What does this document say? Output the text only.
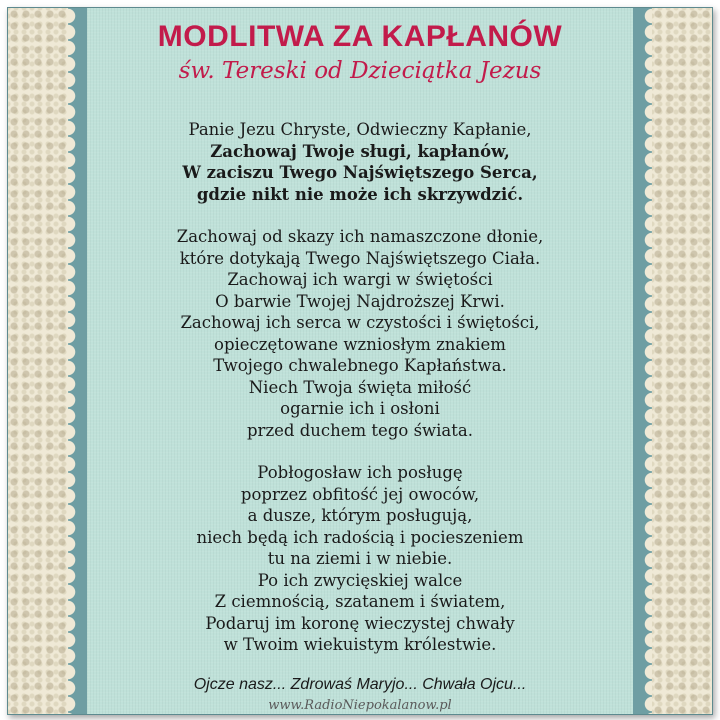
MODLITWA ZA KAPŁANÓW
św. Tereski od Dzieciątka Jezus
Panie Jezu Chryste, Odwieczny Kapłanie,
Zachowaj Twoje sługi, kapłanów,
W zaciszu Twego Najświętszego Serca,
gdzie nikt nie może ich skrzywdzić.
Zachowaj od skazy ich namaszczone dłonie,
które dotykają Twego Najświętszego Ciała.
Zachowaj ich wargi w świętości
O barwie Twojej Najdroższej Krwi.
Zachowaj ich serca w czystości i świętości,
opieczętowane wzniosłym znakiem
Twojego chwalebnego Kapłaństwa.
Niech Twoja święta miłość
ogarnie ich i osłoni
przed duchem tego świata.
Pobłogosław ich posługę
poprzez obfitość jej owoców,
a dusze, którym posługują,
niech będą ich radością i pocieszeniem
tu na ziemi i w niebie.
Po ich zwycięskiej walce
Z ciemnością, szatanem i światem,
Podaruj im koronę wieczystej chwały
w Twoim wiekuistym królestwie.
Ojcze nasz... Zdrowaś Maryjo... Chwała Ojcu...
www.RadioNiepokalanow.pl
